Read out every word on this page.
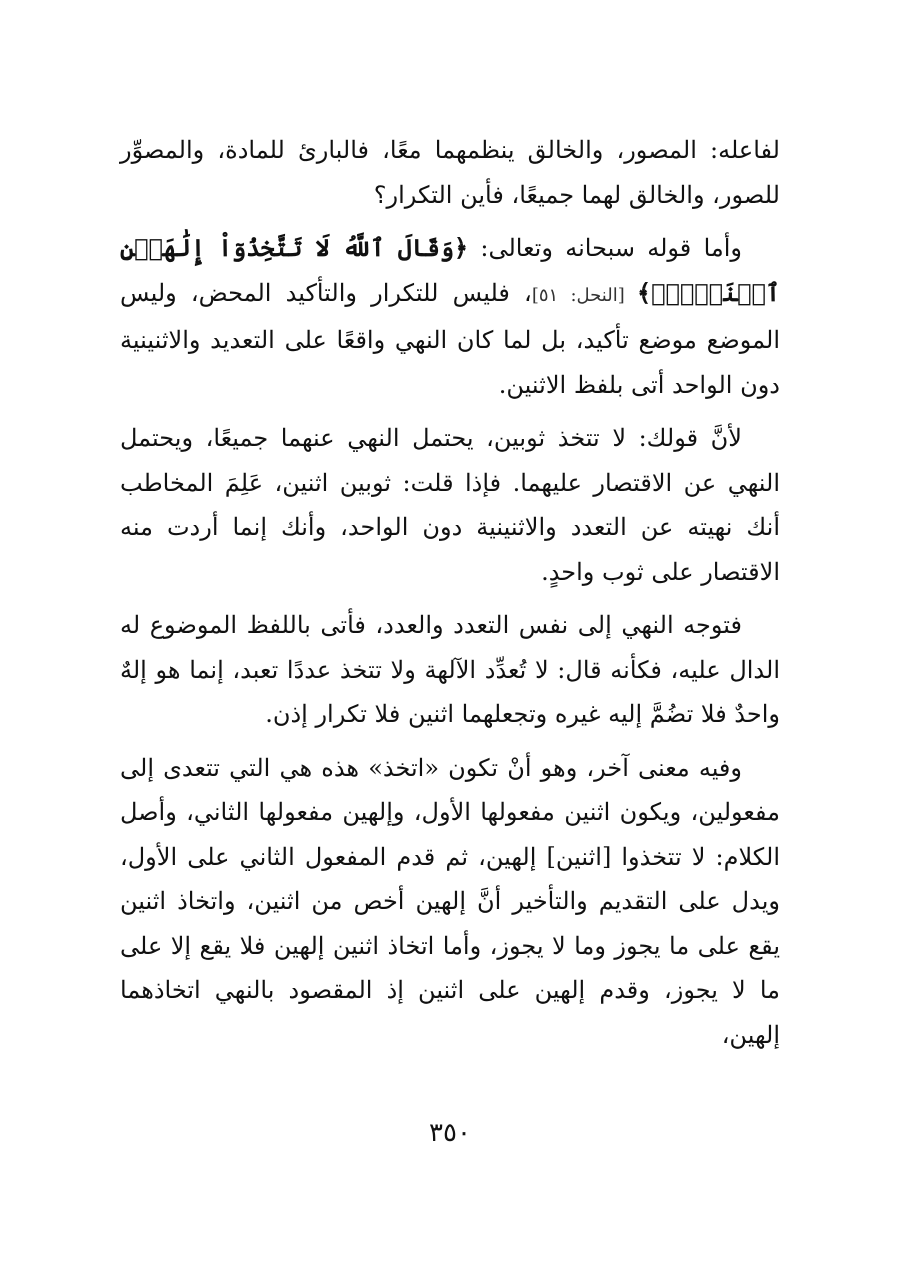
لفاعله: المصور، والخالق ينظمهما معًا، فالبارئ للمادة، والمصوِّر للصور، والخالق لهما جميعًا، فأين التكرار؟

وأما قوله سبحانه وتعالى: ﴿وَقَالَ ٱللَّهُ لَا تَتَّخِذُوٓاْ إِلَٰهَيۡنِ ٱثۡنَيۡنِۖ﴾ [النحل: ٥١]، فليس للتكرار والتأكيد المحض، وليس الموضع موضع تأكيد، بل لما كان النهي واقعًا على التعديد والاثنينية دون الواحد أتى بلفظ الاثنين.

لأنَّ قولك: لا تتخذ ثوبين، يحتمل النهي عنهما جميعًا، ويحتمل النهي عن الاقتصار عليهما. فإذا قلت: ثوبين اثنين، عَلِمَ المخاطب أنك نهيته عن التعدد والاثنينية دون الواحد، وأنك إنما أردت منه الاقتصار على ثوب واحدٍ.

فتوجه النهي إلى نفس التعدد والعدد، فأتى باللفظ الموضوع له الدال عليه، فكأنه قال: لا تُعدِّد الآلهة ولا تتخذ عددًا تعبد، إنما هو إلهٌ واحدٌ فلا تضُمَّ إليه غيره وتجعلهما اثنين فلا تكرار إذن.

وفيه معنى آخر، وهو أنْ تكون «اتخذ» هذه هي التي تتعدى إلى مفعولين، ويكون اثنين مفعولها الأول، وإلهين مفعولها الثاني، وأصل الكلام: لا تتخذوا [اثنين] إلهين، ثم قدم المفعول الثاني على الأول، ويدل على التقديم والتأخير أنَّ إلهين أخص من اثنين، واتخاذ اثنين يقع على ما يجوز وما لا يجوز، وأما اتخاذ اثنين إلهين فلا يقع إلا على ما لا يجوز، وقدم إلهين على اثنين إذ المقصود بالنهي اتخاذهما إلهين،

٣٥٠
